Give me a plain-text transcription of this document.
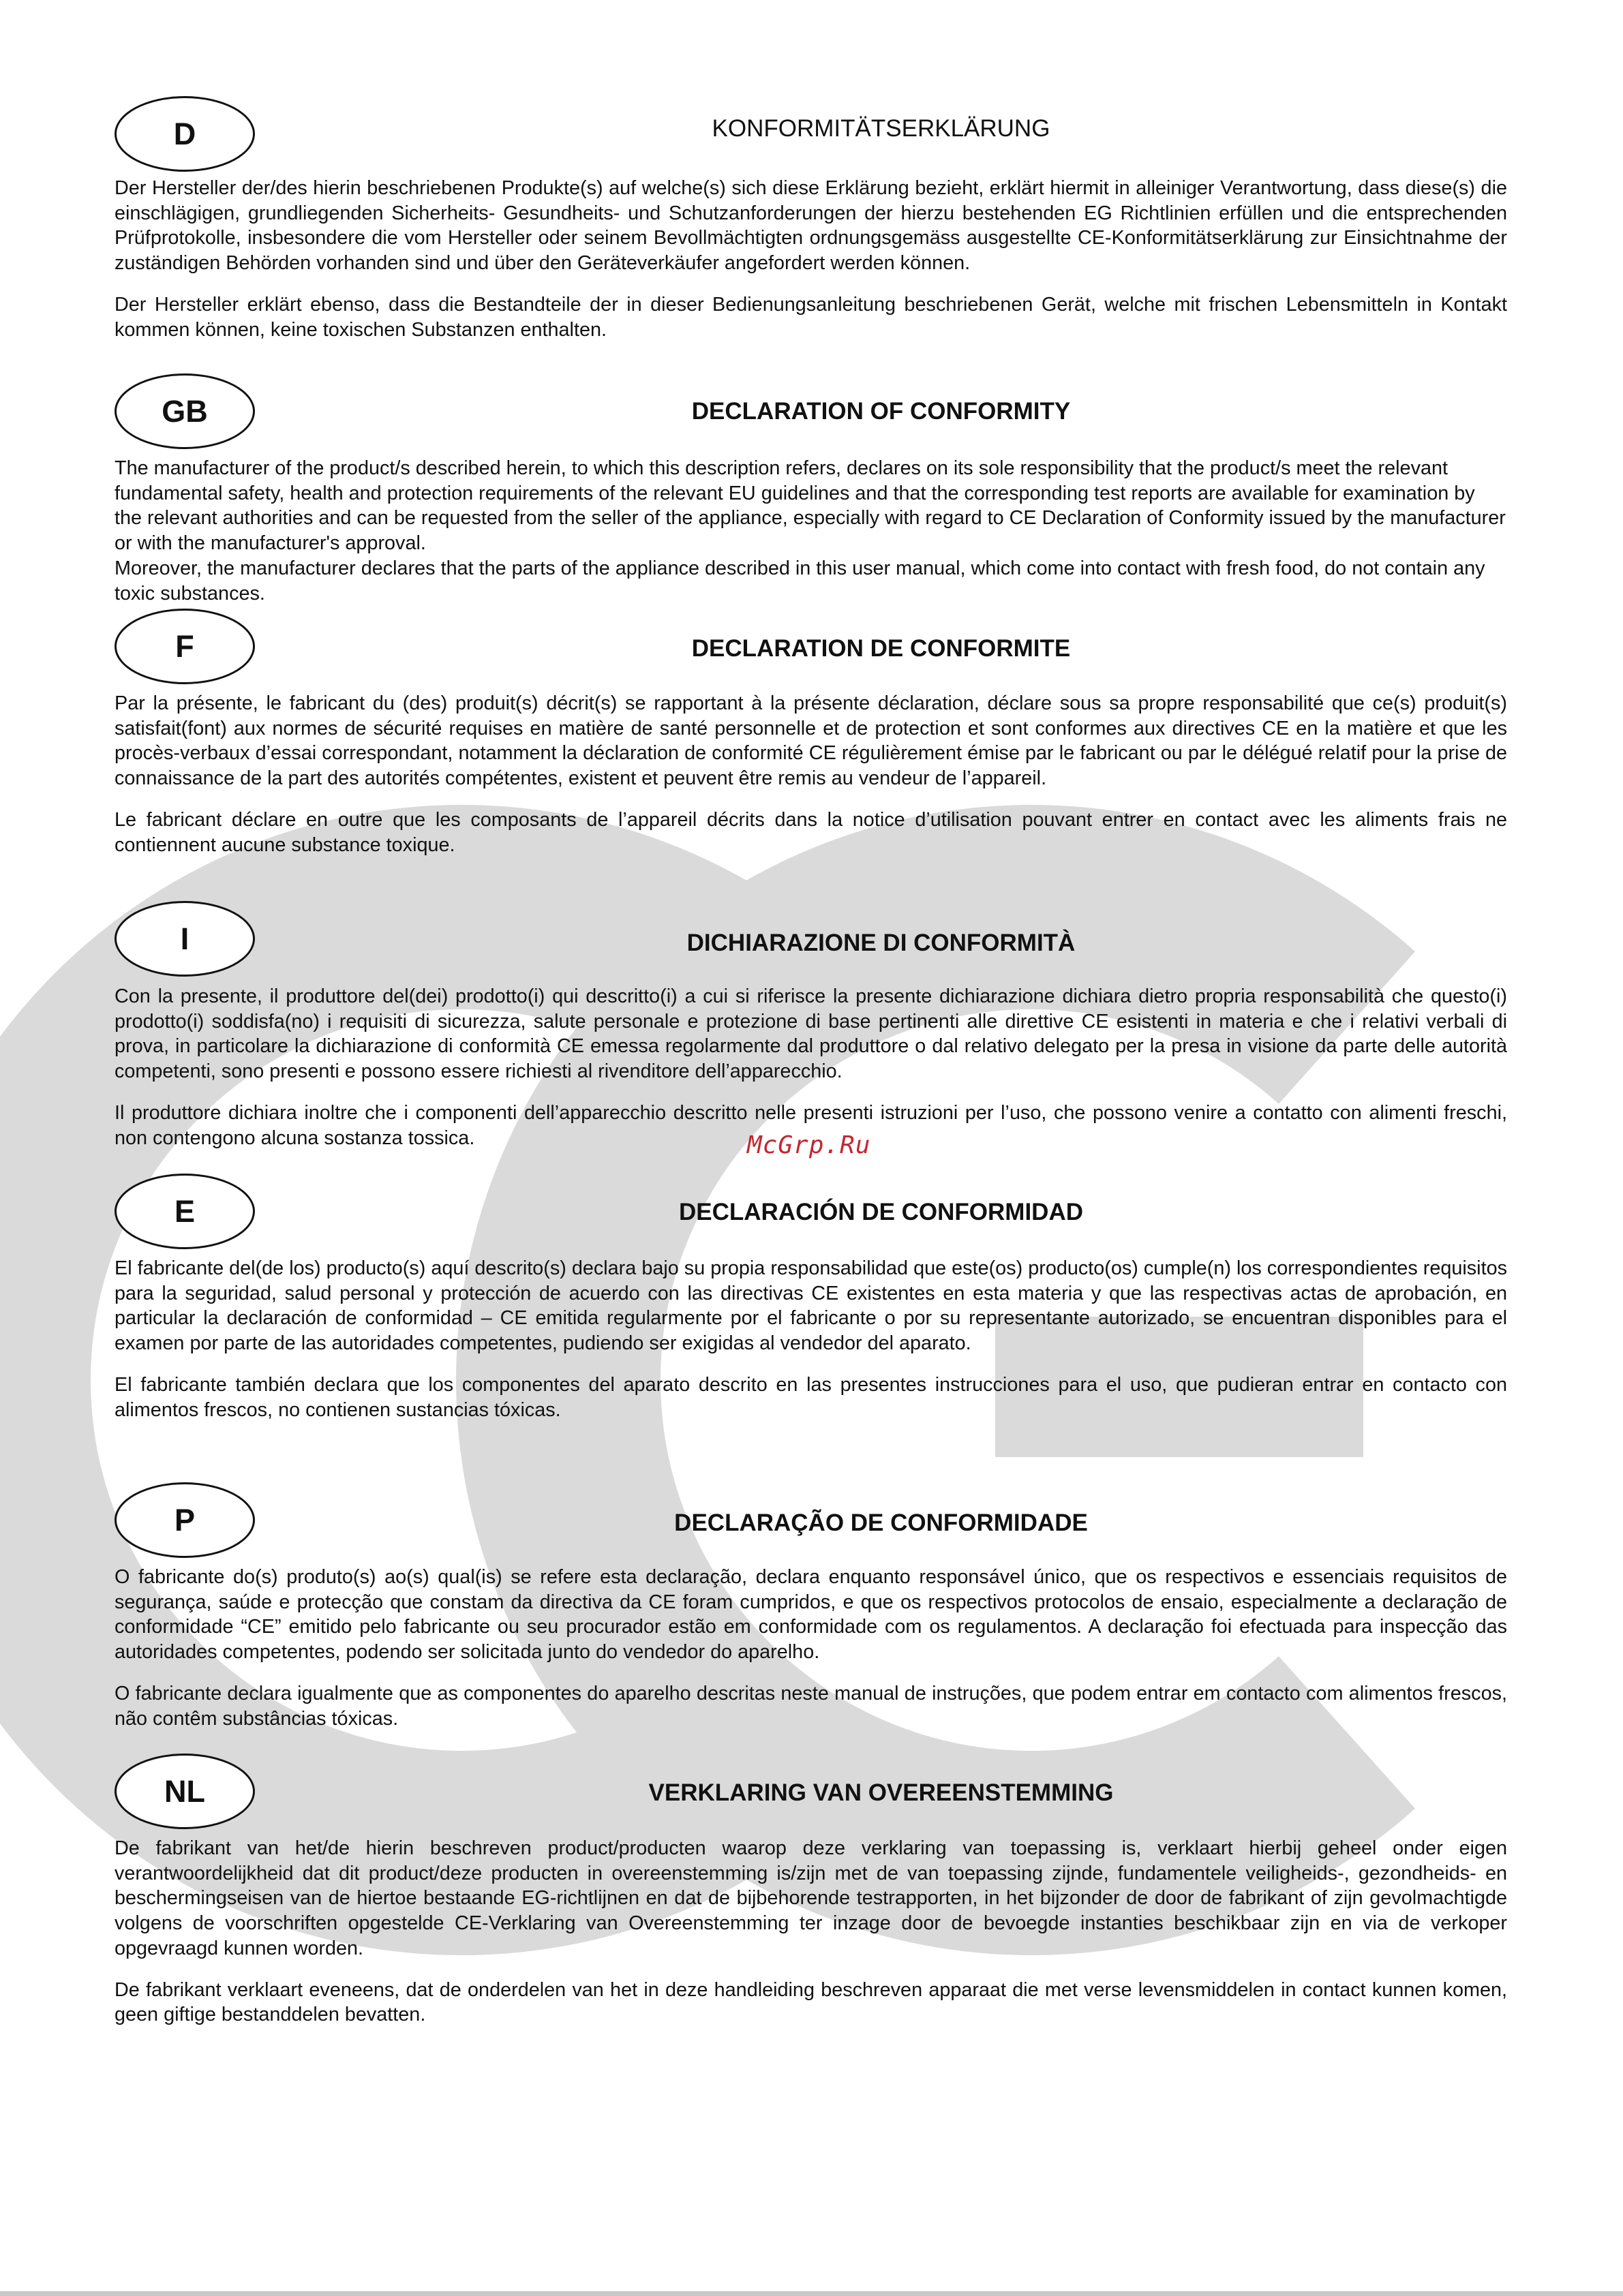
D	KONFORMITÄTSERKLÄRUNG

Der Hersteller der/des hierin beschriebenen Produkte(s) auf welche(s) sich diese Erklärung bezieht, erklärt hiermit in alleiniger Verantwortung, dass diese(s) die einschlägigen, grundliegenden Sicherheits- Gesundheits- und Schutzanforderungen der hierzu bestehenden EG Richtlinien erfüllen und die entsprechenden Prüfprotokolle, insbesondere die vom Hersteller oder seinem Bevollmächtigten ordnungsgemäss ausgestellte CE-Konformitätserklärung zur Einsichtnahme der zuständigen Behörden vorhanden sind und über den Geräteverkäufer angefordert werden können.

Der Hersteller erklärt ebenso, dass die Bestandteile der in dieser Bedienungsanleitung beschriebenen Gerät, welche mit frischen Lebensmitteln in Kontakt kommen können, keine toxischen Substanzen enthalten.

GB	DECLARATION OF CONFORMITY

The manufacturer of the product/s described herein, to which this description refers, declares on its sole responsibility that the product/s meet the relevant fundamental safety, health and protection requirements of the relevant EU guidelines and that the corresponding test reports are available for examination by the relevant authorities and can be requested from the seller of the appliance, especially with regard to CE Declaration of Conformity issued by the manufacturer or with the manufacturer's approval.

Moreover, the manufacturer declares that the parts of the appliance described in this user manual, which come into contact with fresh food, do not contain any toxic substances.

F	DECLARATION DE CONFORMITE

Par la présente, le fabricant du (des) produit(s) décrit(s) se rapportant à la présente déclaration, déclare sous sa propre responsabilité que ce(s) produit(s) satisfait(font) aux normes de sécurité requises en matière de santé personnelle et de protection et sont conformes aux directives CE en la matière et que les procès-verbaux d’essai correspondant, notamment la déclaration de conformité CE régulièrement émise par le fabricant ou par le délégué relatif pour la prise de connaissance de la part des autorités compétentes, existent et peuvent être remis au vendeur de l’appareil.

Le fabricant déclare en outre que les composants de l’appareil décrits dans la notice d’utilisation pouvant entrer en contact avec les aliments frais ne contiennent aucune substance toxique.

I	DICHIARAZIONE DI CONFORMITÀ

Con la presente, il produttore del(dei) prodotto(i) qui descritto(i) a cui si riferisce la presente dichiarazione dichiara dietro propria responsabilità che questo(i) prodotto(i) soddisfa(no) i requisiti di sicurezza, salute personale e protezione di base pertinenti alle direttive CE esistenti in materia e che i relativi verbali di prova, in particolare la dichiarazione di conformità CE emessa regolarmente dal produttore o dal relativo delegato per la presa in visione da parte delle autorità competenti, sono presenti e possono essere richiesti al rivenditore dell’apparecchio.

Il produttore dichiara inoltre che i componenti dell’apparecchio descritto nelle presenti istruzioni per l’uso, che possono venire a contatto con alimenti freschi, non contengono alcuna sostanza tossica.	McGrp.Ru
E	DECLARACIÓN DE CONFORMIDAD

El fabricante del(de los) producto(s) aquí descrito(s) declara bajo su propia responsabilidad que este(os) producto(os) cumple(n) los correspondientes requisitos para la seguridad, salud personal y protección de acuerdo con las directivas CE existentes en esta materia y que las respectivas actas de aprobación, en particular la declaración de conformidad – CE emitida regularmente por el fabricante o por su representante autorizado, se encuentran disponibles para el examen por parte de las autoridades competentes, pudiendo ser exigidas al vendedor del aparato.

El fabricante también declara que los componentes del aparato descrito en las presentes instrucciones para el uso, que pudieran entrar en contacto con alimentos frescos, no contienen sustancias tóxicas.

P	DECLARAÇÃO DE CONFORMIDADE

O fabricante do(s) produto(s) ao(s) qual(is) se refere esta declaração, declara enquanto responsável único, que os respectivos e essenciais requisitos de segurança, saúde e protecção que constam da directiva da CE foram cumpridos, e que os respectivos protocolos de ensaio, especialmente a declaração de conformidade “CE” emitido pelo fabricante ou seu procurador estão em conformidade com os regulamentos. A declaração foi efectuada para inspecção das autoridades competentes, podendo ser solicitada junto do vendedor do aparelho.

O fabricante declara igualmente que as componentes do aparelho descritas neste manual de instruções, que podem entrar em contacto com alimentos frescos, não contêm substâncias tóxicas.

NL	VERKLARING VAN OVEREENSTEMMING

De fabrikant van het/de hierin beschreven product/producten waarop deze verklaring van toepassing is, verklaart hierbij geheel onder eigen verantwoordelijkheid dat dit product/deze producten in overeenstemming is/zijn met de van toepassing zijnde, fundamentele veiligheids-, gezondheids- en beschermingseisen van de hiertoe bestaande EG-richtlijnen en dat de bijbehorende testrapporten, in het bijzonder de door de fabrikant of zijn gevolmachtigde volgens de voorschriften opgestelde CE-Verklaring van Overeenstemming ter inzage door de bevoegde instanties beschikbaar zijn en via de verkoper opgevraagd kunnen worden.

De fabrikant verklaart eveneens, dat de onderdelen van het in deze handleiding beschreven apparaat die met verse levensmiddelen in contact kunnen komen, geen giftige bestanddelen bevatten.
